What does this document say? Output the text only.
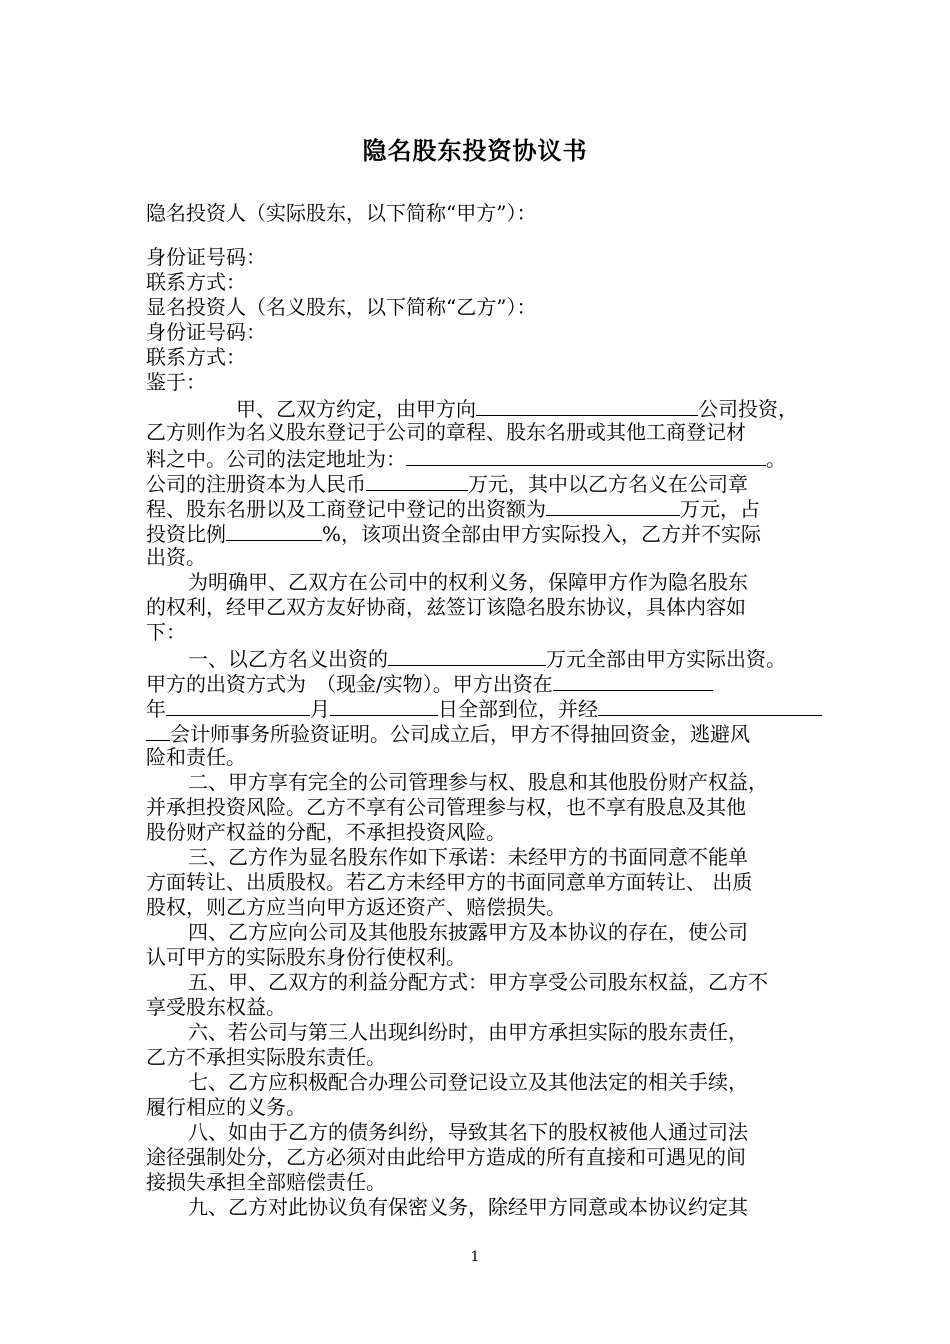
隐名股东投资协议书
隐名投资人（实际股东，以下简称“甲方”）：
身份证号码：
联系方式：
显名投资人（名义股东，以下简称“乙方”）：
身份证号码：
联系方式：
鉴于：
甲、乙双方约定，由甲方向	公司投资，
乙方则作为名义股东登记于公司的章程、股东名册或其他工商登记材
料之中。公司的法定地址为：	。
公司的注册资本为人民币	万元，其中以乙方名义在公司章
程、股东名册以及工商登记中登记的出资额为	万元，占
投资比例	%，该项出资全部由甲方实际投入，乙方并不实际
出资。
为明确甲、乙双方在公司中的权利义务，保障甲方作为隐名股东
的权利，经甲乙双方友好协商，兹签订该隐名股东协议，具体内容如
下：
一、以乙方名义出资的	万元全部由甲方实际出资。
甲方的出资方式为　（现金/实物）。甲方出资在
年	月	日全部到位，并经
会计师事务所验资证明。公司成立后，甲方不得抽回资金，逃避风
险和责任。
二、甲方享有完全的公司管理参与权、股息和其他股份财产权益，
并承担投资风险。乙方不享有公司管理参与权，也不享有股息及其他
股份财产权益的分配，不承担投资风险。
三、乙方作为显名股东作如下承诺：未经甲方的书面同意不能单
方面转让、出质股权。若乙方未经甲方的书面同意单方面转让、 出质
股权，则乙方应当向甲方返还资产、赔偿损失。
四、乙方应向公司及其他股东披露甲方及本协议的存在，使公司
认可甲方的实际股东身份行使权利。
五、甲、乙双方的利益分配方式：甲方享受公司股东权益，乙方不
享受股东权益。
六、若公司与第三人出现纠纷时，由甲方承担实际的股东责任，
乙方不承担实际股东责任。
七、乙方应积极配合办理公司登记设立及其他法定的相关手续，
履行相应的义务。
八、如由于乙方的债务纠纷，导致其名下的股权被他人通过司法
途径强制处分，乙方必须对由此给甲方造成的所有直接和可遇见的间
接损失承担全部赔偿责任。
九、乙方对此协议负有保密义务，除经甲方同意或本协议约定其
1
